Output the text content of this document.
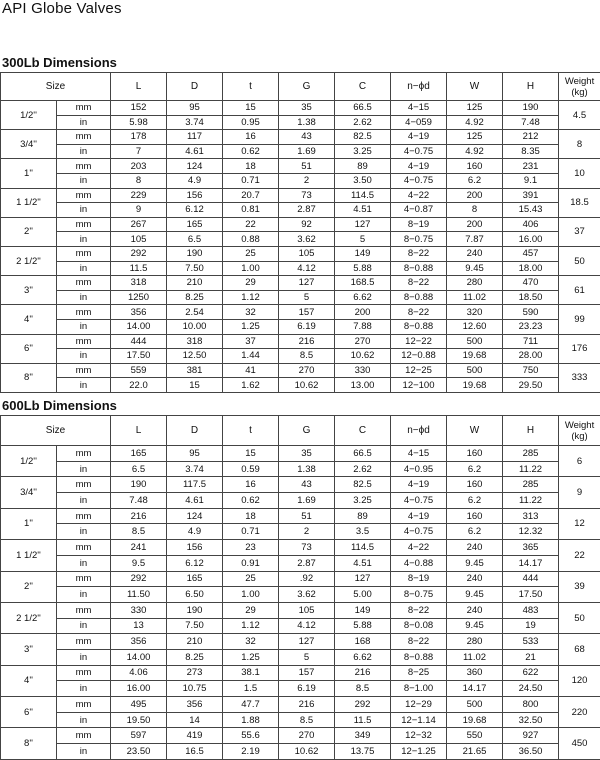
API Globe Valves
300Lb Dimensions
Size		L	D	t	G	C	n−ϕd	W	H	Weight
(kg)
1/2''	mm	152	95	15	35	66.5	4−15	125	190	4.5
	in	5.98	3.74	0.95	1.38	2.62	4−059	4.92	7.48	
3/4''	mm	178	117	16	43	82.5	4−19	125	212	8
	in	7	4.61	0.62	1.69	3.25	4−0.75	4.92	8.35	
1''	mm	203	124	18	51	89	4−19	160	231	10
	in	8	4.9	0.71	2	3.50	4−0.75	6.2	9.1	
1 1/2''	mm	229	156	20.7	73	114.5	4−22	200	391	18.5
	in	9	6.12	0.81	2.87	4.51	4−0.87	8	15.43	
2''	mm	267	165	22	92	127	8−19	200	406	37
	in	105	6.5	0.88	3.62	5	8−0.75	7.87	16.00	
2 1/2''	mm	292	190	25	105	149	8−22	240	457	50
	in	11.5	7.50	1.00	4.12	5.88	8−0.88	9.45	18.00	
3''	mm	318	210	29	127	168.5	8−22	280	470	61
	in	1250	8.25	1.12	5	6.62	8−0.88	11.02	18.50	
4''	mm	356	2.54	32	157	200	8−22	320	590	99
	in	14.00	10.00	1.25	6.19	7.88	8−0.88	12.60	23.23	
6''	mm	444	318	37	216	270	12−22	500	711	176
	in	17.50	12.50	1.44	8.5	10.62	12−0.88	19.68	28.00	
8''	mm	559	381	41	270	330	12−25	500	750	333
	in	22.0	15	1.62	10.62	13.00	12−100	19.68	29.50	
600Lb Dimensions
Size		L	D	t	G	C	n−ϕd	W	H	Weight
(kg)
1/2''	mm	165	95	15	35	66.5	4−15	160	285	6
	in	6.5	3.74	0.59	1.38	2.62	4−0.95	6.2	11.22	
3/4''	mm	190	117.5	16	43	82.5	4−19	160	285	9
	in	7.48	4.61	0.62	1.69	3.25	4−0.75	6.2	11.22	
1''	mm	216	124	18	51	89	4−19	160	313	12
	in	8.5	4.9	0.71	2	3.5	4−0.75	6.2	12.32	
1 1/2''	mm	241	156	23	73	114.5	4−22	240	365	22
	in	9.5	6.12	0.91	2.87	4.51	4−0.88	9.45	14.17	
2''	mm	292	165	25	.92	127	8−19	240	444	39
	in	11.50	6.50	1.00	3.62	5.00	8−0.75	9.45	17.50	
2 1/2''	mm	330	190	29	105	149	8−22	240	483	50
	in	13	7.50	1.12	4.12	5.88	8−0.08	9.45	19	
3''	mm	356	210	32	127	168	8−22	280	533	68
	in	14.00	8.25	1.25	5	6.62	8−0.88	11.02	21	
4''	mm	4.06	273	38.1	157	216	8−25	360	622	120
	in	16.00	10.75	1.5	6.19	8.5	8−1.00	14.17	24.50	
6''	mm	495	356	47.7	216	292	12−29	500	800	220
	in	19.50	14	1.88	8.5	11.5	12−1.14	19.68	32.50	
8''	mm	597	419	55.6	270	349	12−32	550	927	450
	in	23.50	16.5	2.19	10.62	13.75	12−1.25	21.65	36.50	
